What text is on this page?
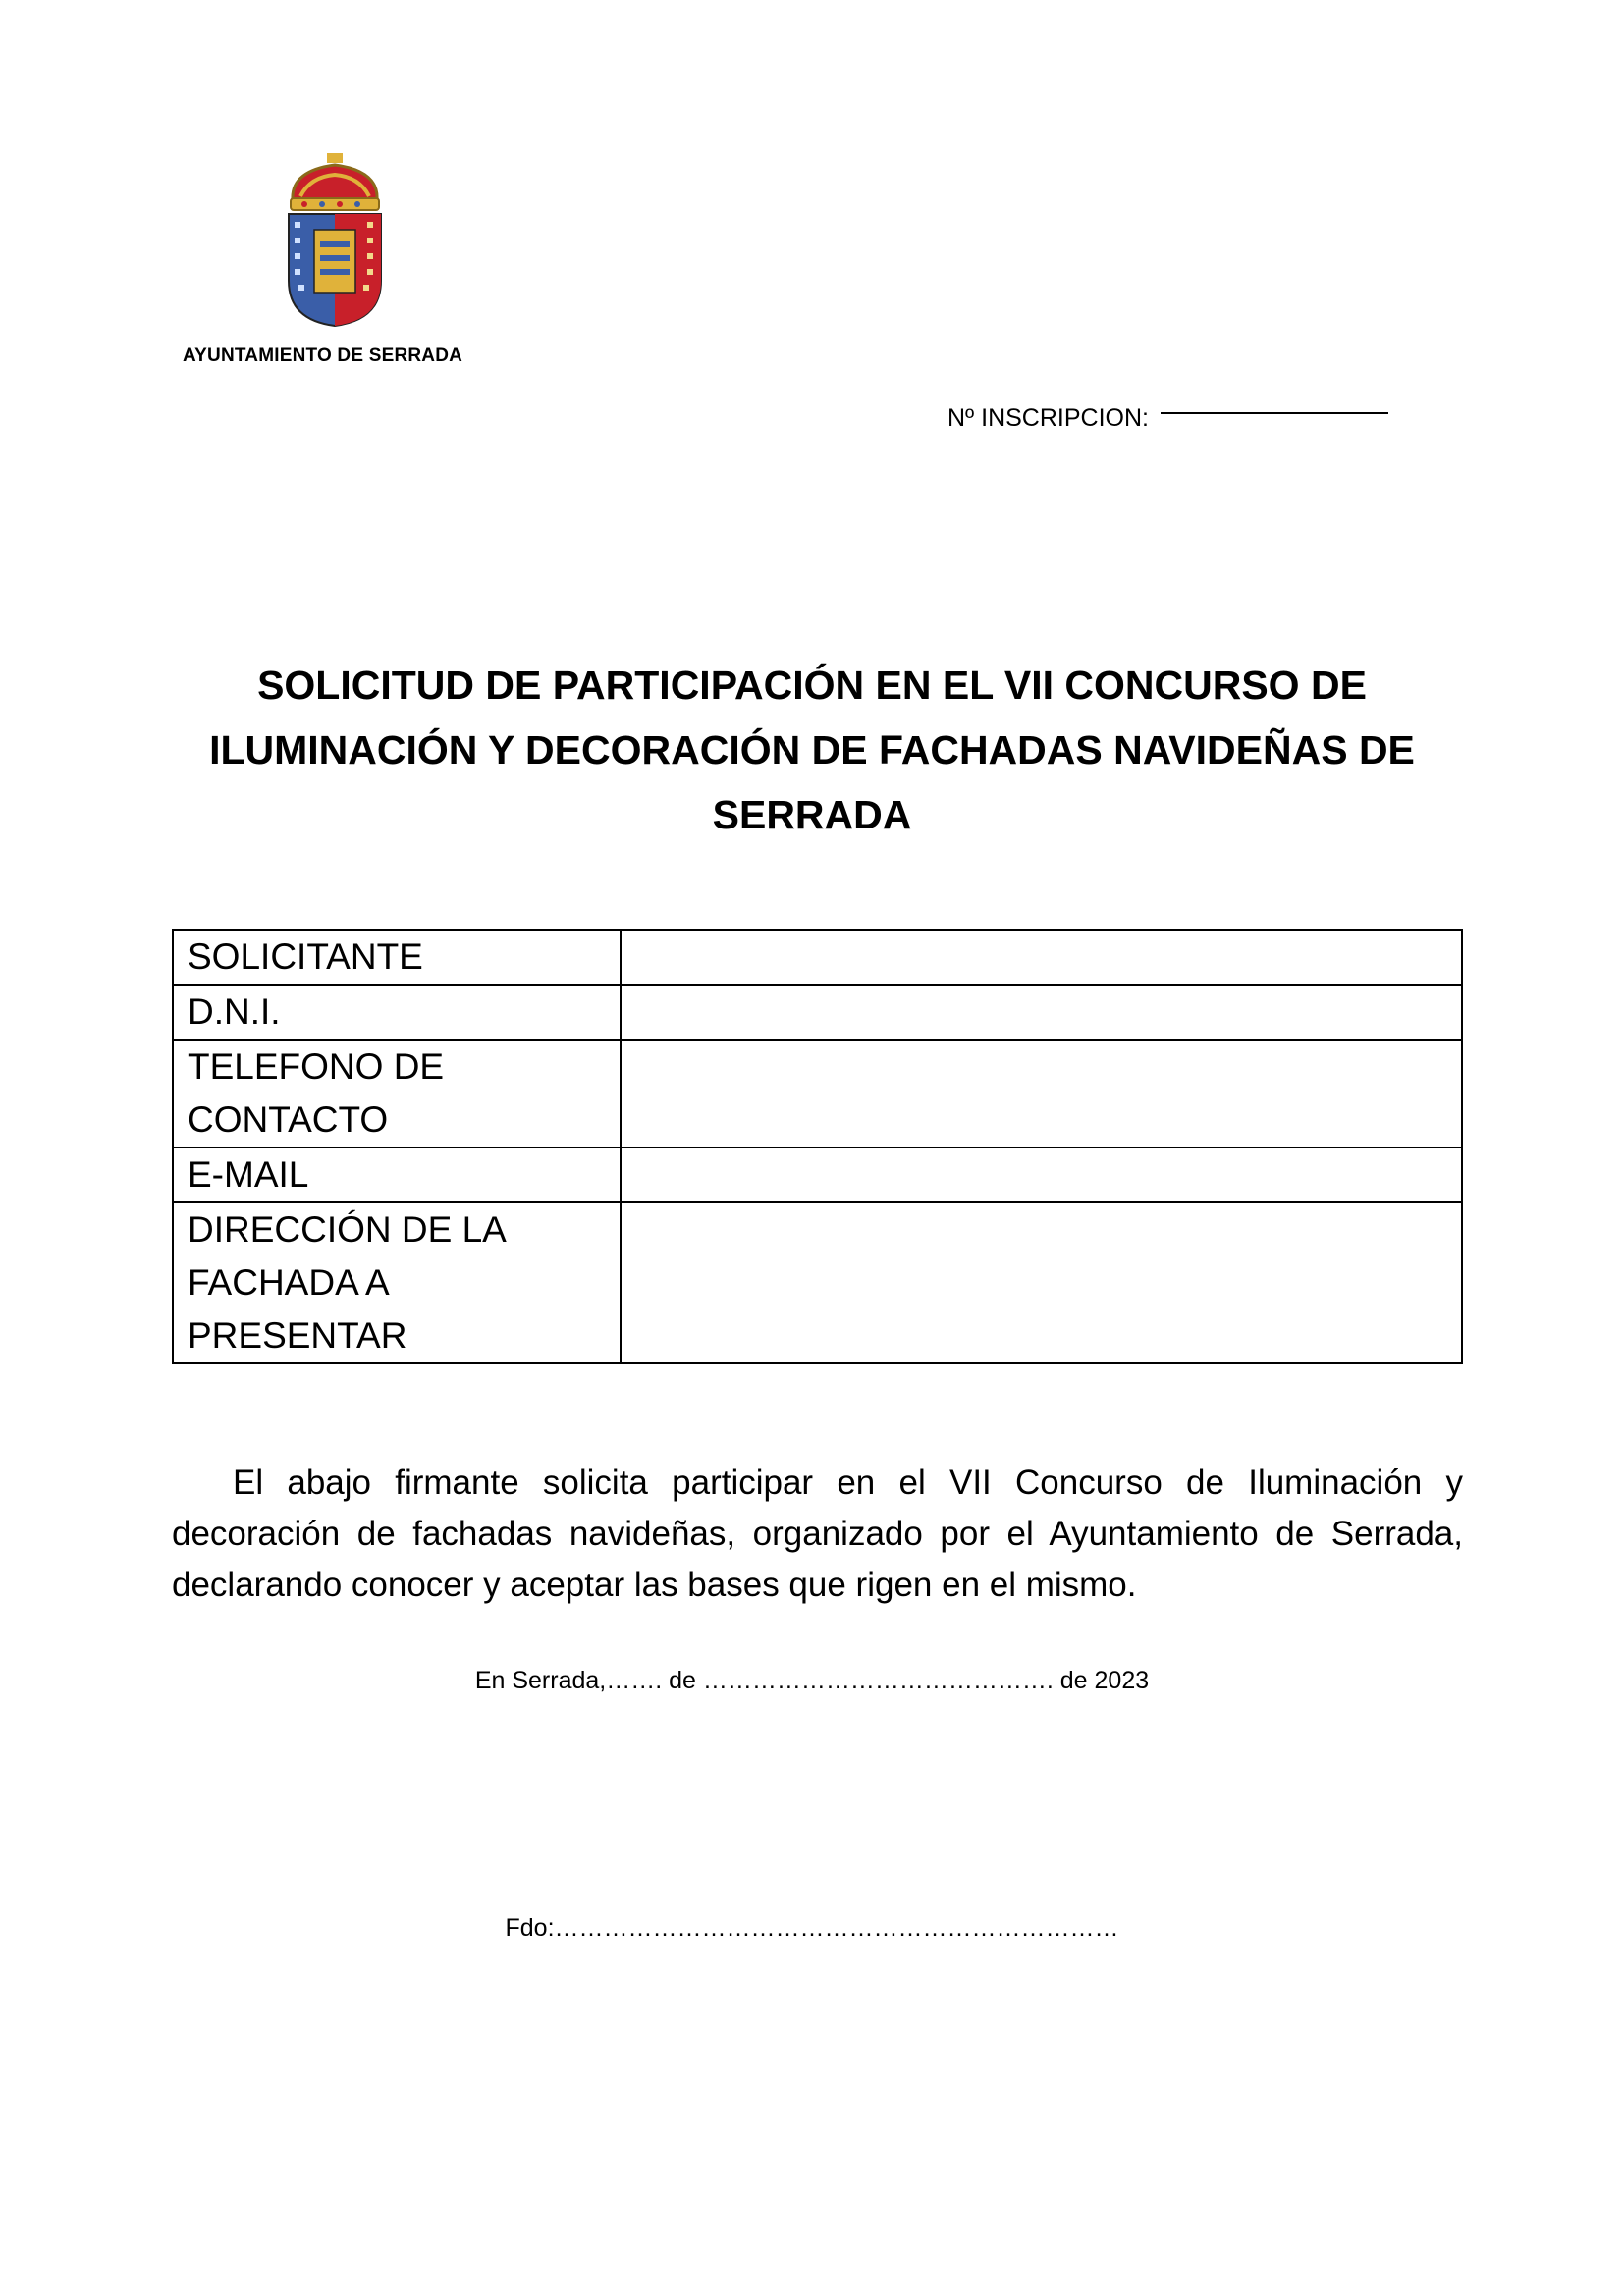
AYUNTAMIENTO DE SERRADA
Nº INSCRIPCION:
SOLICITUD DE PARTICIPACIÓN EN EL VII CONCURSO DE ILUMINACIÓN Y DECORACIÓN DE FACHADAS NAVIDEÑAS DE SERRADA
SOLICITANTE	
D.N.I.	
TELEFONO DE CONTACTO	
E-MAIL	
DIRECCIÓN DE LA FACHADA A PRESENTAR	

El abajo firmante solicita participar en el VII Concurso de Iluminación y decoración de fachadas navideñas, organizado por el Ayuntamiento de Serrada, declarando conocer y aceptar las bases que rigen en el mismo.

En Serrada,……. de ……………………………………. de 2023
Fdo:……………………………………………………………
